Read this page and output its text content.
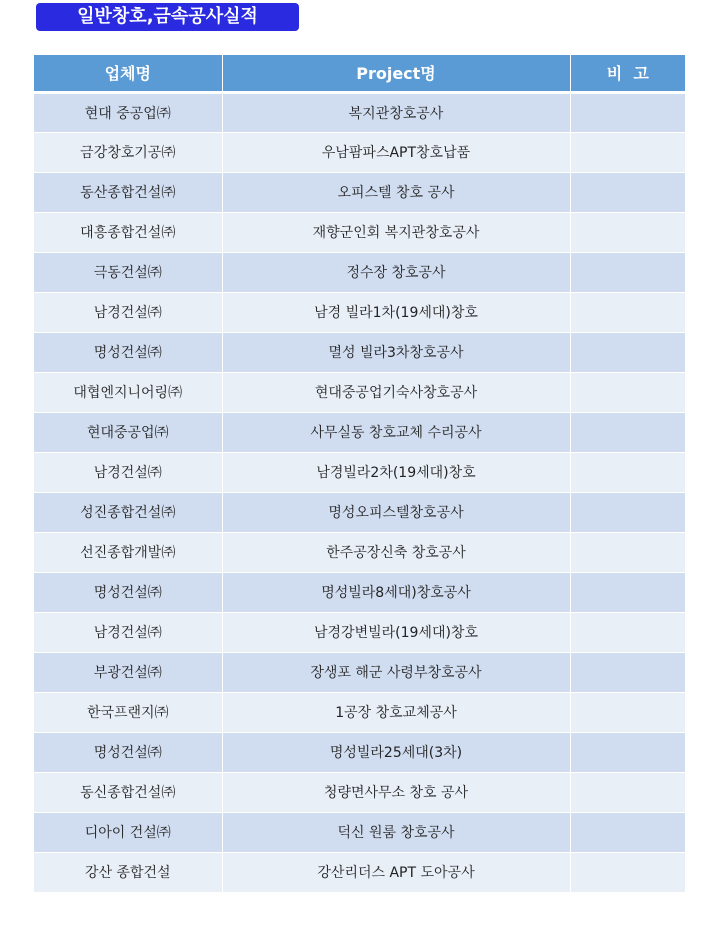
일반창호,금속공사실적
업체명	Project명	비  고
현대 중공업㈜	복지관창호공사	
금강창호기공㈜	우남팜파스APT창호납품	
동산종합건설㈜	오피스텔 창호 공사	
대흥종합건설㈜	재향군인회 복지관창호공사	
극동건설㈜	정수장 창호공사	
남경건설㈜	남경 빌라1차(19세대)창호	
명성건설㈜	멸성 빌라3차창호공사	
대협엔지니어링㈜	현대중공업기숙사창호공사	
현대중공업㈜	사무실동 창호교체 수리공사	
남경건설㈜	남경빌라2차(19세대)창호	
성진종합건설㈜	명성오피스텔창호공사	
선진종합개발㈜	한주공장신축 창호공사	
명성건설㈜	명성빌라8세대)창호공사	
남경건설㈜	남경강변빌라(19세대)창호	
부광건설㈜	장생포 해군 사령부창호공사	
한국프랜지㈜	1공장 창호교체공사	
명성건설㈜	명성빌라25세대(3차)	
동신종합건설㈜	청량면사무소 창호 공사	
디아이 건설㈜	덕신 원룸 창호공사	
강산 종합건설	강산리더스 APT 도아공사	
